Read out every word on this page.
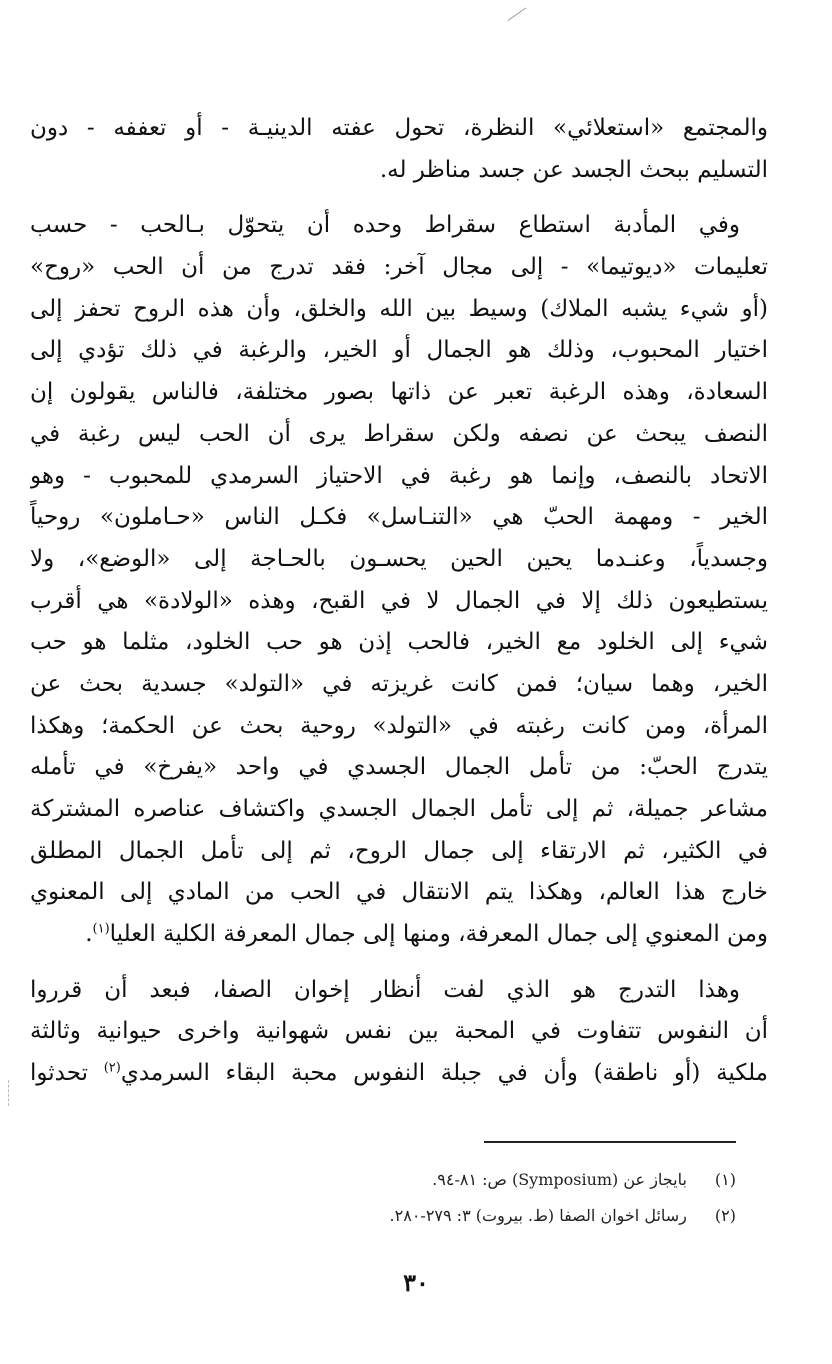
والمجتمع «استعلائي» النظرة، تحول عفته الدينيـة - أو تعففه - دون
التسليم ببحث الجسد عن جسد مناظر له.
وفي المأدبة استطاع سقراط وحده أن يتحوّل بـالحب - حسب
تعليمات «ديوتيما» - إلى مجال آخر: فقد تدرج من أن الحب «روح»
(أو شيء يشبه الملاك) وسيط بين الله والخلق، وأن هذه الروح تحفز إلى
اختيار المحبوب، وذلك هو الجمال أو الخير، والرغبة في ذلك تؤدي إلى
السعادة، وهذه الرغبة تعبر عن ذاتها بصور مختلفة، فالناس يقولون إن
النصف يبحث عن نصفه ولكن سقراط يرى أن الحب ليس رغبة في
الاتحاد بالنصف، وإنما هو رغبة في الاحتياز السرمدي للمحبوب - وهو
الخير - ومهمة الحبّ هي «التنـاسل» فكـل الناس «حـاملون» روحياً
وجسدياً، وعنـدما يحين الحين يحسـون بالحـاجة إلى «الوضع»، ولا
يستطيعون ذلك إلا في الجمال لا في القبح، وهذه «الولادة» هي أقرب
شيء إلى الخلود مع الخير، فالحب إذن هو حب الخلود، مثلما هو حب
الخير، وهما سيان؛ فمن كانت غريزته في «التولد» جسدية بحث عن
المرأة، ومن كانت رغبته في «التولد» روحية بحث عن الحكمة؛ وهكذا
يتدرج الحبّ: من تأمل الجمال الجسدي في واحد «يفرخ» في تأمله
مشاعر جميلة، ثم إلى تأمل الجمال الجسدي واكتشاف عناصره المشتركة
في الكثير، ثم الارتقاء إلى جمال الروح، ثم إلى تأمل الجمال المطلق
خارج هذا العالم، وهكذا يتم الانتقال في الحب من المادي إلى المعنوي
ومن المعنوي إلى جمال المعرفة، ومنها إلى جمال المعرفة الكلية العليا$^{(١)}$.
وهذا التدرج هو الذي لفت أنظار إخوان الصفا، فبعد أن قرروا
أن النفوس تتفاوت في المحبة بين نفس شهوانية واخرى حيوانية وثالثة
ملكية (أو ناطقة) وأن في جبلة النفوس محبة البقاء السرمدي$^{(٢)}$ تحدثوا
(١) بايجاز عن (Symposium) ص: ٨١-٩٤.
(٢) رسائل اخوان الصفا (ط. بيروت) ٣: ٢٧٩-٢٨٠.
٣٠
